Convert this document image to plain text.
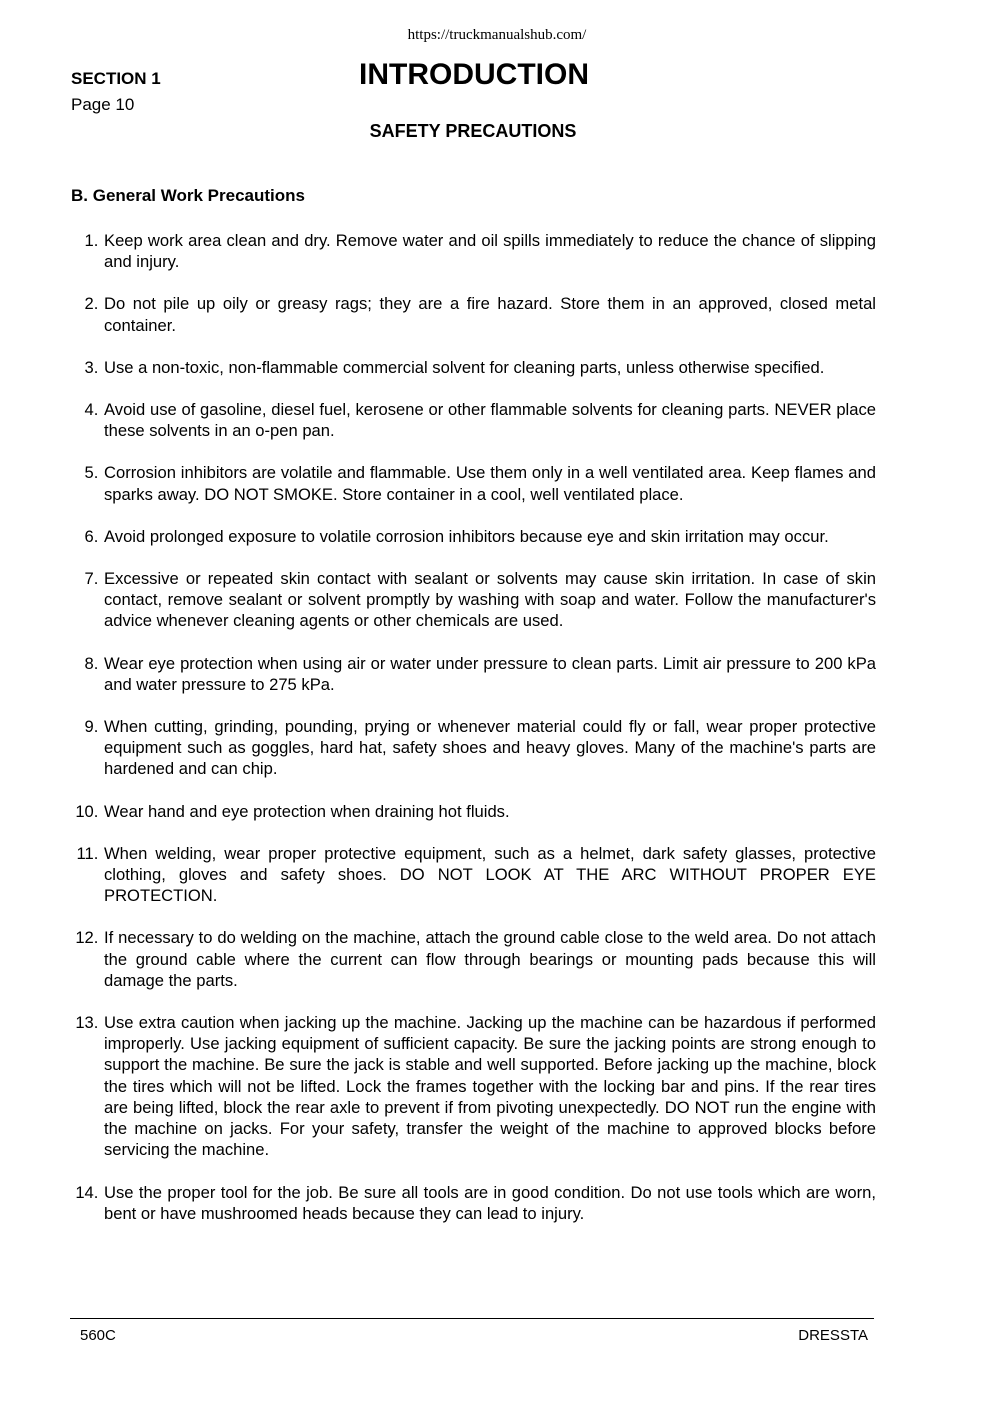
https://truckmanualshub.com/
SECTION 1
Page 10
INTRODUCTION
SAFETY PRECAUTIONS
B. General Work Precautions
1. Keep work area clean and dry. Remove water and oil spills immediately to reduce the chance of slipping and injury.
2. Do not pile up oily or greasy rags; they are a fire hazard. Store them in an approved, closed metal container.
3. Use a non-toxic, non-flammable commercial solvent for cleaning parts, unless otherwise specified.
4. Avoid use of gasoline, diesel fuel, kerosene or other flammable solvents for cleaning parts. NEVER place these solvents in an o-pen pan.
5. Corrosion inhibitors are volatile and flammable. Use them only in a well ventilated area. Keep flames and sparks away. DO NOT SMOKE. Store container in a cool, well ventilated place.
6. Avoid prolonged exposure to volatile corrosion inhibitors because eye and skin irritation may occur.
7. Excessive or repeated skin contact with sealant or solvents may cause skin irritation. In case of skin contact, remove sealant or solvent promptly by washing with soap and water. Follow the manufacturer's advice whenever cleaning agents or other chemicals are used.
8. Wear eye protection when using air or water under pressure to clean parts. Limit air pressure to 200 kPa and water pressure to 275 kPa.
9. When cutting, grinding, pounding, prying or whenever material could fly or fall, wear proper protective equipment such as goggles, hard hat, safety shoes and heavy gloves. Many of the machine's parts are hardened and can chip.
10. Wear hand and eye protection when draining hot fluids.
11. When welding, wear proper protective equipment, such as a helmet, dark safety glasses, protective clothing, gloves and safety shoes. DO NOT LOOK AT THE ARC WITHOUT PROPER EYE PROTECTION.
12. If necessary to do welding on the machine, attach the ground cable close to the weld area. Do not attach the ground cable where the current can flow through bearings or mounting pads because this will damage the parts.
13. Use extra caution when jacking up the machine. Jacking up the machine can be hazardous if performed improperly. Use jacking equipment of sufficient capacity. Be sure the jacking points are strong enough to support the machine. Be sure the jack is stable and well supported. Before jacking up the machine, block the tires which will not be lifted. Lock the frames together with the locking bar and pins. If the rear tires are being lifted, block the rear axle to prevent if from pivoting unexpectedly. DO NOT run the engine with the machine on jacks. For your safety, transfer the weight of the machine to approved blocks before servicing the machine.
14. Use the proper tool for the job. Be sure all tools are in good condition. Do not use tools which are worn, bent or have mushroomed heads because they can lead to injury.
560C	DRESSTA
